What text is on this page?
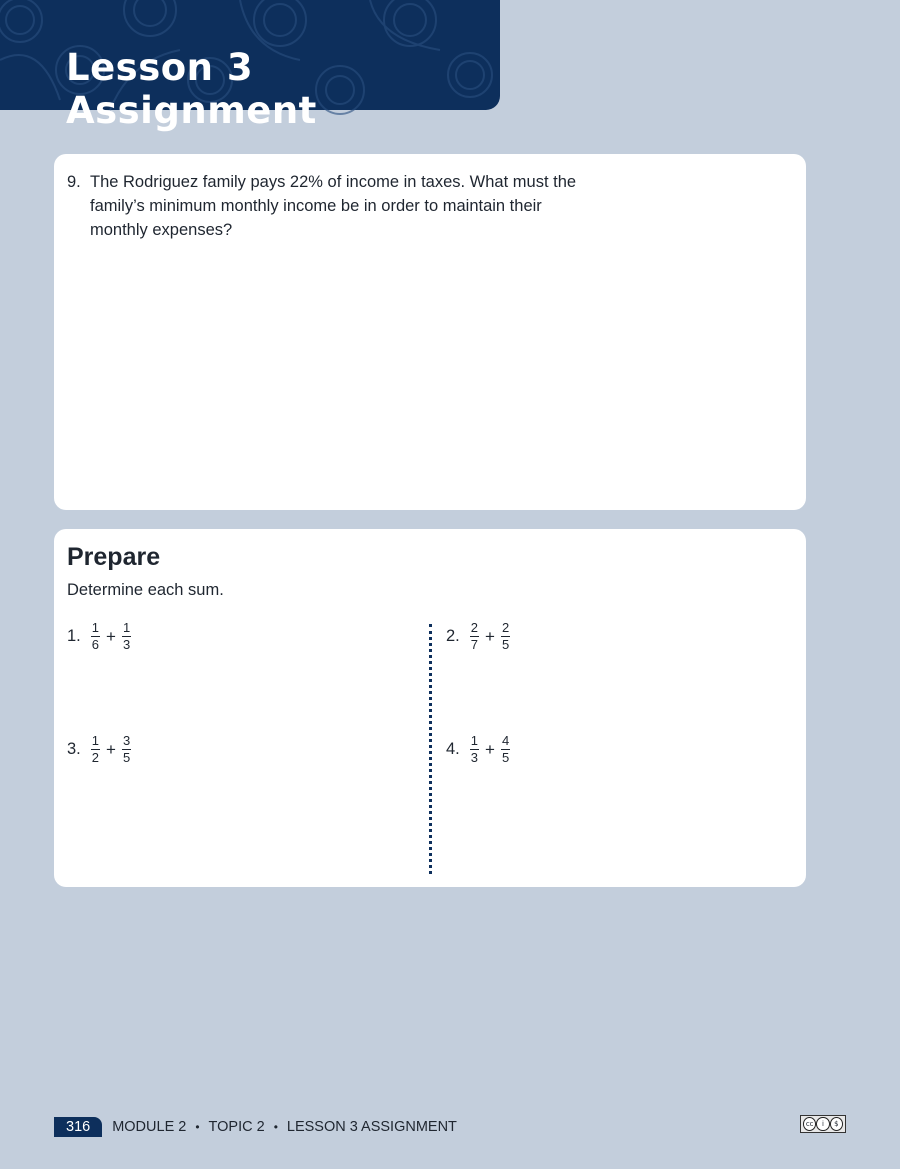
Lesson 3 Assignment
9. The Rodriguez family pays 22% of income in taxes. What must the
family’s minimum monthly income be in order to maintain their
monthly expenses?
Prepare
Determine each sum.
1. $\frac{1}{6} + \frac{1}{3}$	2. $\frac{2}{7} + \frac{2}{5}$
3. $\frac{1}{2} + \frac{3}{5}$	4. $\frac{1}{3} + \frac{4}{5}$
316	MODULE 2 • TOPIC 2 • LESSON 3 ASSIGNMENT	cc	i	$
